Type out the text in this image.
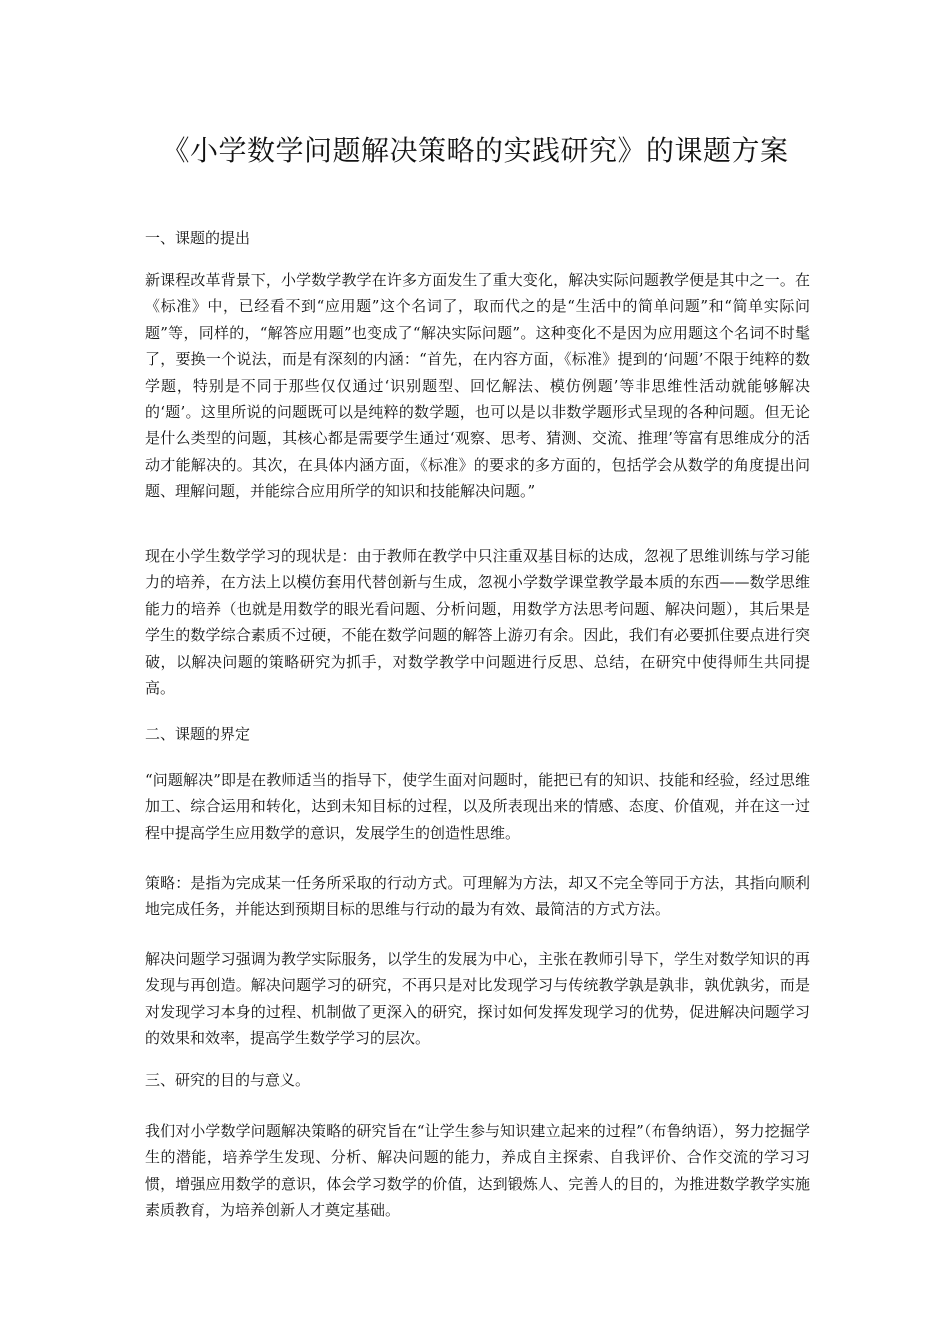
《小学数学问题解决策略的实践研究》的课题方案
一、课题的提出

新课程改革背景下，小学数学教学在许多方面发生了重大变化，解决实际问题教学便是其中之一。在《标准》中，已经看不到“应用题”这个名词了，取而代之的是“生活中的简单问题”和“简单实际问题”等，同样的，“解答应用题”也变成了“解决实际问题”。这种变化不是因为应用题这个名词不时髦了，要换一个说法，而是有深刻的内涵：“首先，在内容方面，《标准》提到的‘问题’不限于纯粹的数学题，特别是不同于那些仅仅通过‘识别题型、回忆解法、模仿例题’等非思维性活动就能够解决的‘题’。这里所说的问题既可以是纯粹的数学题，也可以是以非数学题形式呈现的各种问题。但无论是什么类型的问题，其核心都是需要学生通过‘观察、思考、猜测、交流、推理’等富有思维成分的活动才能解决的。其次，在具体内涵方面，《标准》的要求的多方面的，包括学会从数学的角度提出问题、理解问题，并能综合应用所学的知识和技能解决问题。”

现在小学生数学学习的现状是：由于教师在教学中只注重双基目标的达成，忽视了思维训练与学习能力的培养，在方法上以模仿套用代替创新与生成，忽视小学数学课堂教学最本质的东西——数学思维能力的培养（也就是用数学的眼光看问题、分析问题，用数学方法思考问题、解决问题），其后果是学生的数学综合素质不过硬，不能在数学问题的解答上游刃有余。因此，我们有必要抓住要点进行突破，以解决问题的策略研究为抓手，对数学教学中问题进行反思、总结，在研究中使得师生共同提高。

二、课题的界定

“问题解决”即是在教师适当的指导下，使学生面对问题时，能把已有的知识、技能和经验，经过思维加工、综合运用和转化，达到未知目标的过程，以及所表现出来的情感、态度、价值观，并在这一过程中提高学生应用数学的意识，发展学生的创造性思维。

策略：是指为完成某一任务所采取的行动方式。可理解为方法，却又不完全等同于方法，其指向顺利地完成任务，并能达到预期目标的思维与行动的最为有效、最简洁的方式方法。

解决问题学习强调为教学实际服务，以学生的发展为中心，主张在教师引导下，学生对数学知识的再发现与再创造。解决问题学习的研究，不再只是对比发现学习与传统教学孰是孰非，孰优孰劣，而是对发现学习本身的过程、机制做了更深入的研究，探讨如何发挥发现学习的优势，促进解决问题学习的效果和效率，提高学生数学学习的层次。

三、研究的目的与意义。

我们对小学数学问题解决策略的研究旨在“让学生参与知识建立起来的过程”（布鲁纳语），努力挖掘学生的潜能，培养学生发现、分析、解决问题的能力，养成自主探索、自我评价、合作交流的学习习惯，增强应用数学的意识，体会学习数学的价值，达到锻炼人、完善人的目的，为推进数学教学实施素质教育，为培养创新人才奠定基础。
